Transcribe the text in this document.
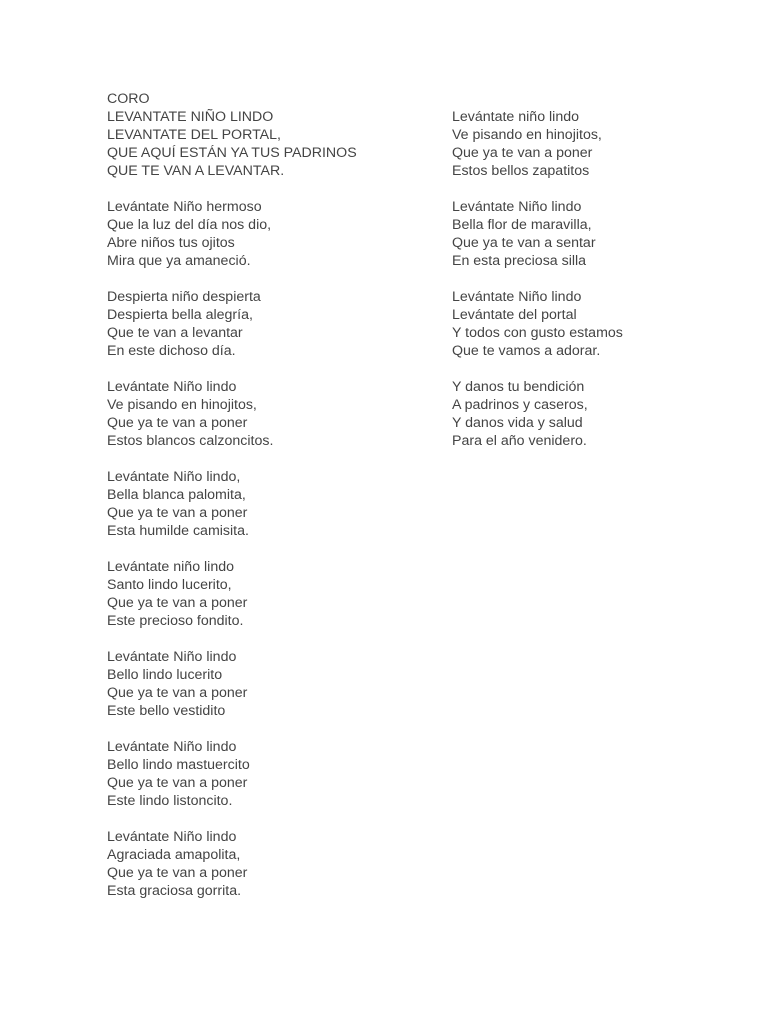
CORO
LEVANTATE NIÑO LINDO
LEVANTATE DEL PORTAL,
QUE AQUÍ ESTÁN YA TUS PADRINOS
QUE TE VAN A LEVANTAR.
Levántate Niño hermoso
Que la luz del día nos dio,
Abre niños tus ojitos
Mira que ya amaneció.
Despierta niño despierta
Despierta bella alegría,
Que te van a levantar
En este dichoso día.
Levántate Niño lindo
Ve pisando en hinojitos,
Que ya te van a poner
Estos blancos calzoncitos.
Levántate Niño lindo,
Bella blanca palomita,
Que ya te van a poner
Esta humilde camisita.
Levántate niño lindo
Santo lindo lucerito,
Que ya te van a poner
Este precioso fondito.
Levántate Niño lindo
Bello lindo lucerito
Que ya te van a poner
Este bello vestidito
Levántate Niño lindo
Bello lindo mastuercito
Que ya te van a poner
Este lindo listoncito.
Levántate Niño lindo
Agraciada amapolita,
Que ya te van a poner
Esta graciosa gorrita.
Levántate niño lindo
Ve pisando en hinojitos,
Que ya te van a poner
Estos bellos zapatitos
Levántate Niño lindo
Bella flor de maravilla,
Que ya te van a sentar
En esta preciosa silla
Levántate Niño lindo
Levántate del portal
Y todos con gusto estamos
Que te vamos a adorar.
Y danos tu bendición
A padrinos y caseros,
Y danos vida y salud
Para el año venidero.
